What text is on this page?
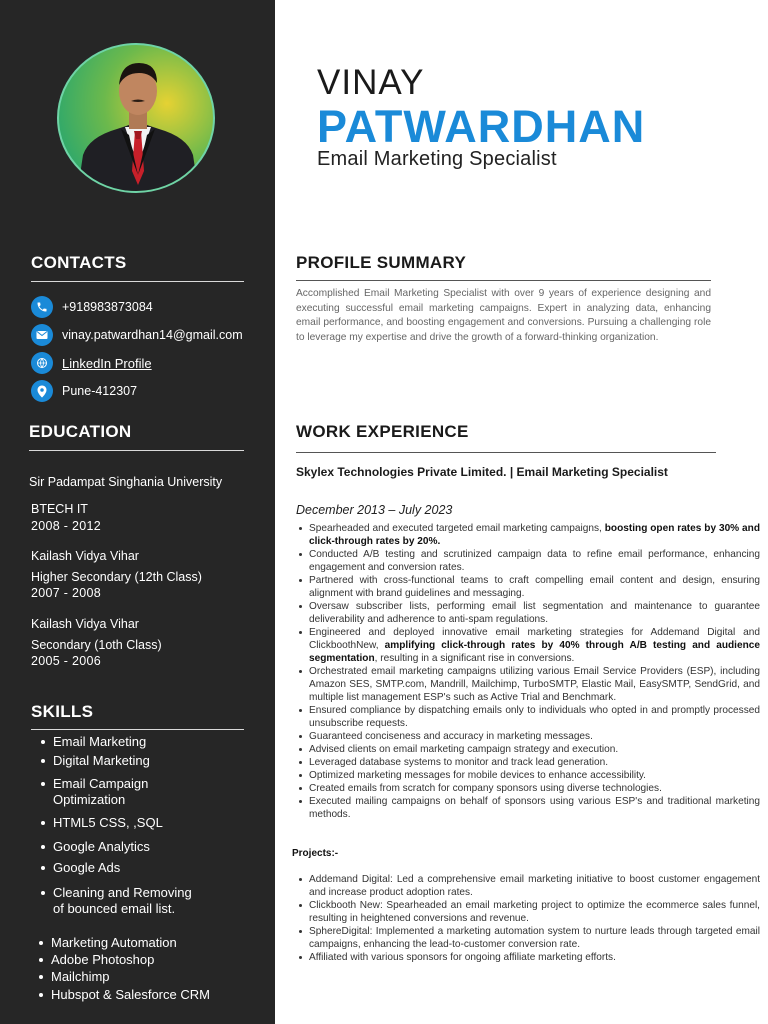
CONTACTS
+918983873084
vinay.patwardhan14@gmail.com
LinkedIn Profile
Pune-412307
EDUCATION
Sir Padampat Singhania University
BTECH IT
2008 - 2012
Kailash Vidya Vihar
Higher Secondary (12th Class)
2007 - 2008
Kailash Vidya Vihar
Secondary (1oth Class)
2005 - 2006
SKILLS
Email Marketing
Digital Marketing
Email Campaign Optimization
HTML5 CSS, ,SQL
Google Analytics
Google Ads
Cleaning and Removing of bounced email list.
Marketing Automation
Adobe Photoshop
Mailchimp
Hubspot & Salesforce CRM
VINAY
PATWARDHAN
Email Marketing Specialist
PROFILE SUMMARY
Accomplished Email Marketing Specialist with over 9 years of experience designing and executing successful email marketing campaigns. Expert in analyzing data, enhancing email performance, and boosting engagement and conversions. Pursuing a challenging role to leverage my expertise and drive the growth of a forward-thinking organization.
WORK EXPERIENCE
Skylex Technologies Private Limited. | Email Marketing Specialist
December 2013 – July 2023
Spearheaded and executed targeted email marketing campaigns, boosting open rates by 30% and click-through rates by 20%.
Conducted A/B testing and scrutinized campaign data to refine email performance, enhancing engagement and conversion rates.
Partnered with cross-functional teams to craft compelling email content and design, ensuring alignment with brand guidelines and messaging.
Oversaw subscriber lists, performing email list segmentation and maintenance to guarantee deliverability and adherence to anti-spam regulations.
Engineered and deployed innovative email marketing strategies for Addemand Digital and ClickboothNew, amplifying click-through rates by 40% through A/B testing and audience segmentation, resulting in a significant rise in conversions.
Orchestrated email marketing campaigns utilizing various Email Service Providers (ESP), including Amazon SES, SMTP.com, Mandrill, Mailchimp, TurboSMTP, Elastic Mail, EasySMTP, SendGrid, and multiple list management ESP's such as Active Trial and Benchmark.
Ensured compliance by dispatching emails only to individuals who opted in and promptly processed unsubscribe requests.
Guaranteed conciseness and accuracy in marketing messages.
Advised clients on email marketing campaign strategy and execution.
Leveraged database systems to monitor and track lead generation.
Optimized marketing messages for mobile devices to enhance accessibility.
Created emails from scratch for company sponsors using diverse technologies.
Executed mailing campaigns on behalf of sponsors using various ESP's and traditional marketing methods.
Projects:-
Addemand Digital: Led a comprehensive email marketing initiative to boost customer engagement and increase product adoption rates.
Clickbooth New: Spearheaded an email marketing project to optimize the ecommerce sales funnel, resulting in heightened conversions and revenue.
SphereDigital: Implemented a marketing automation system to nurture leads through targeted email campaigns, enhancing the lead-to-customer conversion rate.
Affiliated with various sponsors for ongoing affiliate marketing efforts.
